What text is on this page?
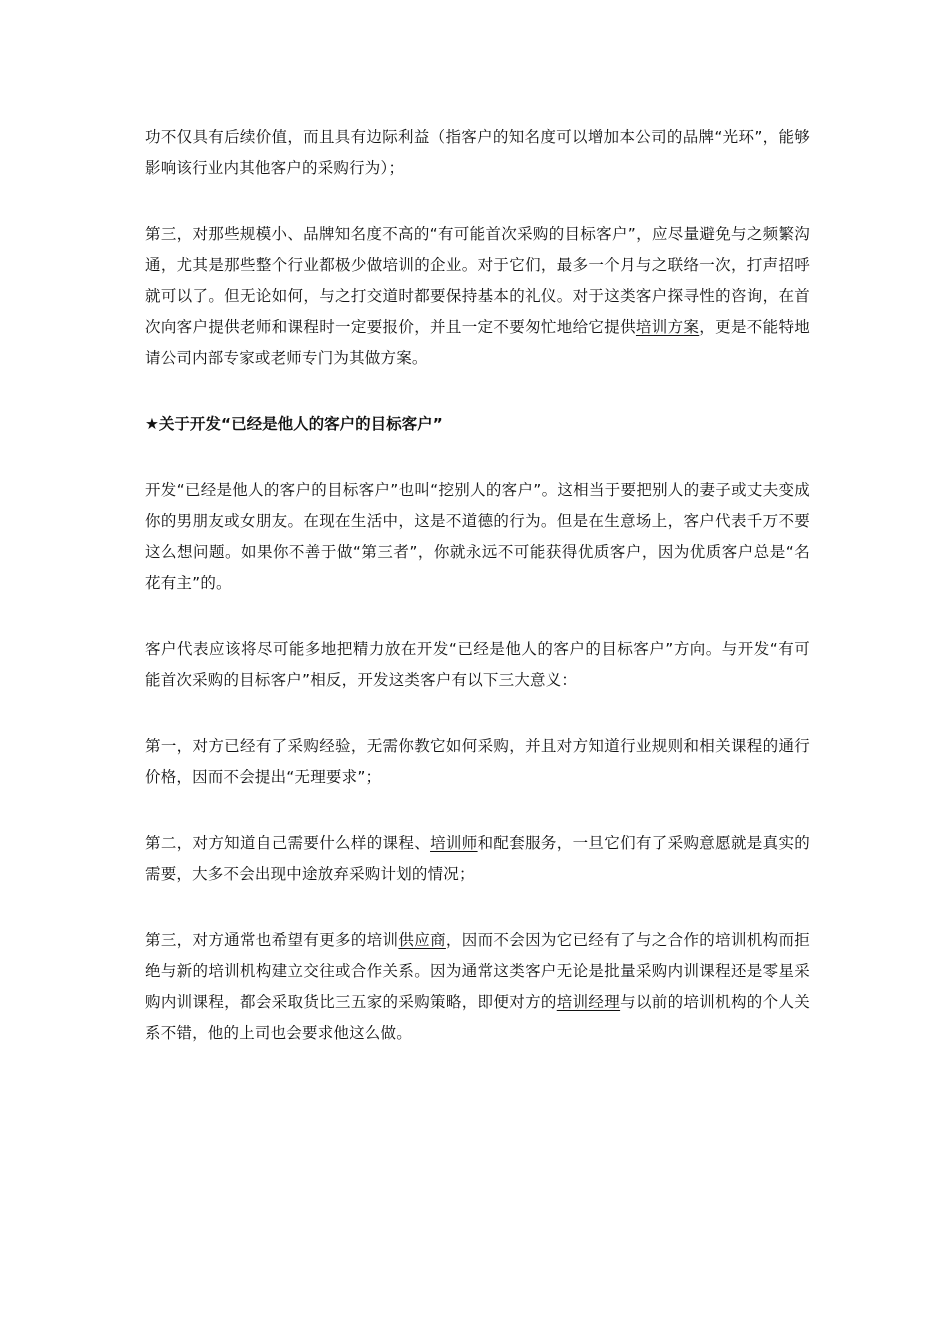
功不仅具有后续价值，而且具有边际利益（指客户的知名度可以增加本公司的品牌“光环”，能够影响该行业内其他客户的采购行为）；

第三，对那些规模小、品牌知名度不高的“有可能首次采购的目标客户”，应尽量避免与之频繁沟通，尤其是那些整个行业都极少做培训的企业。对于它们，最多一个月与之联络一次，打声招呼就可以了。但无论如何，与之打交道时都要保持基本的礼仪。对于这类客户探寻性的咨询，在首次向客户提供老师和课程时一定要报价，并且一定不要匆忙地给它提供培训方案，更是不能特地请公司内部专家或老师专门为其做方案。

★关于开发“已经是他人的客户的目标客户”

开发“已经是他人的客户的目标客户”也叫“挖别人的客户”。这相当于要把别人的妻子或丈夫变成你的男朋友或女朋友。在现在生活中，这是不道德的行为。但是在生意场上，客户代表千万不要这么想问题。如果你不善于做“第三者”，你就永远不可能获得优质客户，因为优质客户总是“名花有主”的。

客户代表应该将尽可能多地把精力放在开发“已经是他人的客户的目标客户”方向。与开发“有可能首次采购的目标客户”相反，开发这类客户有以下三大意义：

第一，对方已经有了采购经验，无需你教它如何采购，并且对方知道行业规则和相关课程的通行价格，因而不会提出“无理要求”；

第二，对方知道自己需要什么样的课程、培训师和配套服务，一旦它们有了采购意愿就是真实的需要，大多不会出现中途放弃采购计划的情况；

第三，对方通常也希望有更多的培训供应商，因而不会因为它已经有了与之合作的培训机构而拒绝与新的培训机构建立交往或合作关系。因为通常这类客户无论是批量采购内训课程还是零星采购内训课程，都会采取货比三五家的采购策略，即便对方的培训经理与以前的培训机构的个人关系不错，他的上司也会要求他这么做。
